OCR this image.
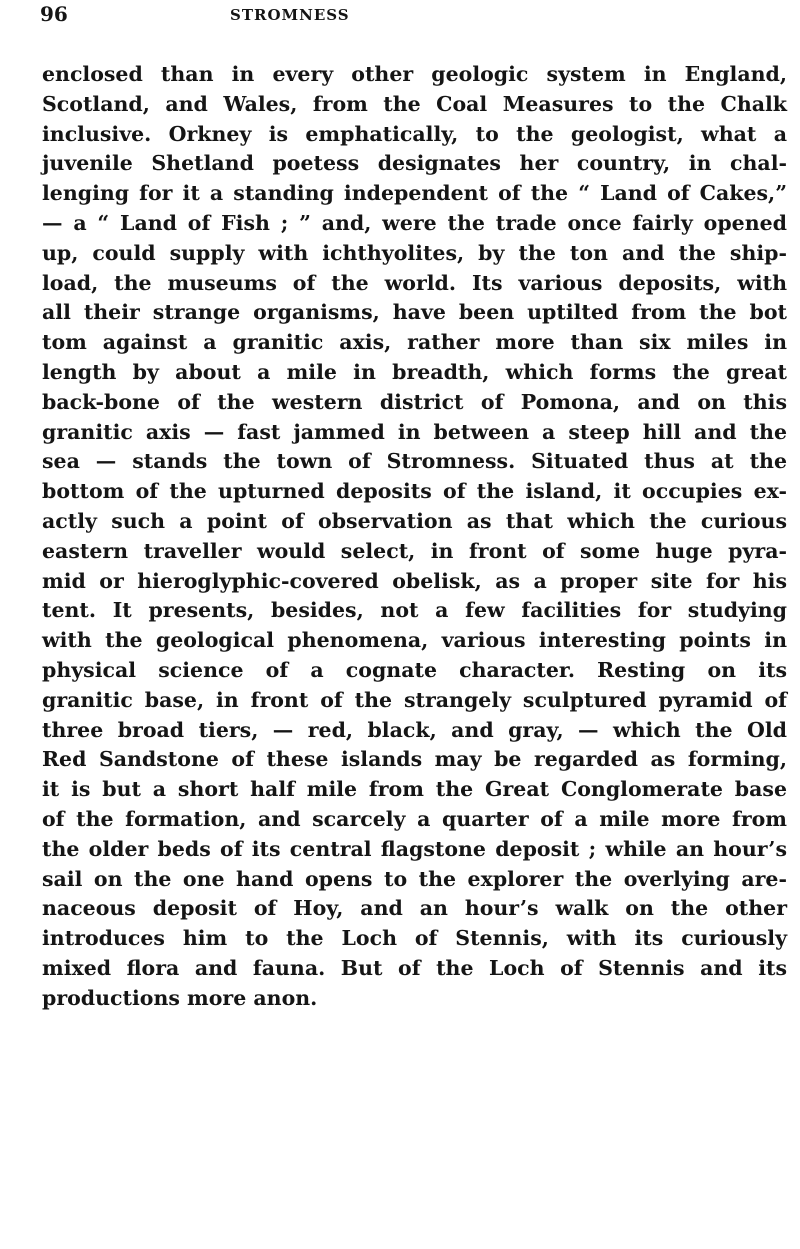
96	STROMNESS
enclosed than in every other geologic system in England,
Scotland, and Wales, from the Coal Measures to the Chalk
inclusive. Orkney is emphatically, to the geologist, what a
juvenile Shetland poetess designates her country, in chal-
lenging for it a standing independent of the “ Land of Cakes,”
— a “ Land of Fish ; ” and, were the trade once fairly opened
up, could supply with ichthyolites, by the ton and the ship-
load, the museums of the world. Its various deposits, with
all their strange organisms, have been uptilted from the bot
tom against a granitic axis, rather more than six miles in
length by about a mile in breadth, which forms the great
back-bone of the western district of Pomona, and on this
granitic axis — fast jammed in between a steep hill and the
sea — stands the town of Stromness. Situated thus at the
bottom of the upturned deposits of the island, it occupies ex-
actly such a point of observation as that which the curious
eastern traveller would select, in front of some huge pyra-
mid or hieroglyphic-covered obelisk, as a proper site for his
tent. It presents, besides, not a few facilities for studying
with the geological phenomena, various interesting points in
physical science of a cognate character. Resting on its
granitic base, in front of the strangely sculptured pyramid of
three broad tiers, — red, black, and gray, — which the Old
Red Sandstone of these islands may be regarded as forming,
it is but a short half mile from the Great Conglomerate base
of the formation, and scarcely a quarter of a mile more from
the older beds of its central flagstone deposit ; while an hour’s
sail on the one hand opens to the explorer the overlying are-
naceous deposit of Hoy, and an hour’s walk on the other
introduces him to the Loch of Stennis, with its curiously
mixed flora and fauna. But of the Loch of Stennis and its
productions more anon.
